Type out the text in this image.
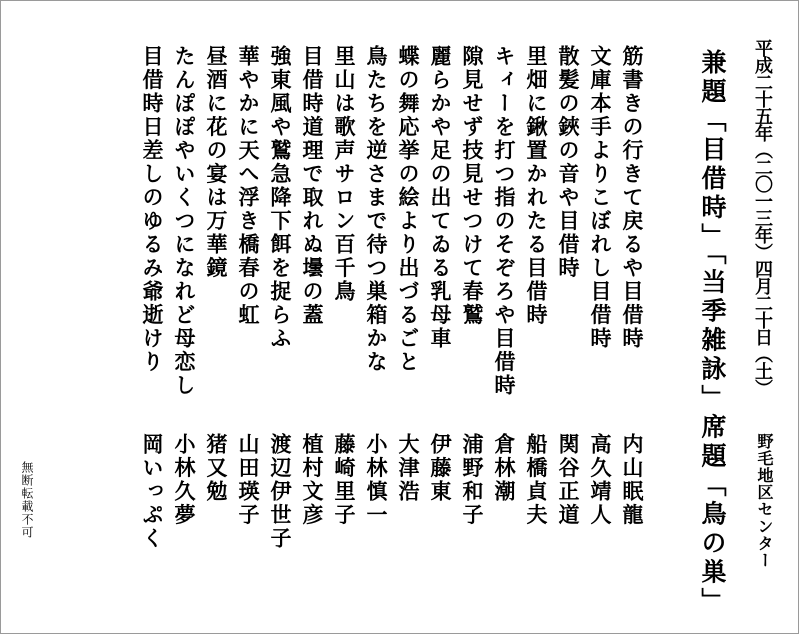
平成二十五年（二〇一三年）四月二十日（土）
野毛地区センター
兼題「目借時」「当季雑詠」席題「鳥の巣」
筋書きの行きて戻るや目借時
内山眠龍
文庫本手よりこぼれし目借時
高久靖人
散髪の鋏の音や目借時
関谷正道
里畑に鍬置かれたる目借時
船橋貞夫
キィーを打つ指のそぞろや目借時
倉林潮
隙見せず技見せつけて春鷲
浦野和子
麗らかや足の出てゐる乳母車
伊藤東
蝶の舞応挙の絵より出づるごと
大津浩
鳥たちを逆さまで待つ巣箱かな
小林慎一
里山は歌声サロン百千鳥
藤崎里子
目借時道理で取れぬ壜の蓋
植村文彦
強東風や鷲急降下餌を捉らふ
渡辺伊世子
華やかに天へ浮き橋春の虹
山田瑛子
昼酒に花の宴は万華鏡
猪又勉
たんぽぽやいくつになれど母恋し
小林久夢
目借時日差しのゆるみ爺逝けり
岡いっぷく
無断転載不可
